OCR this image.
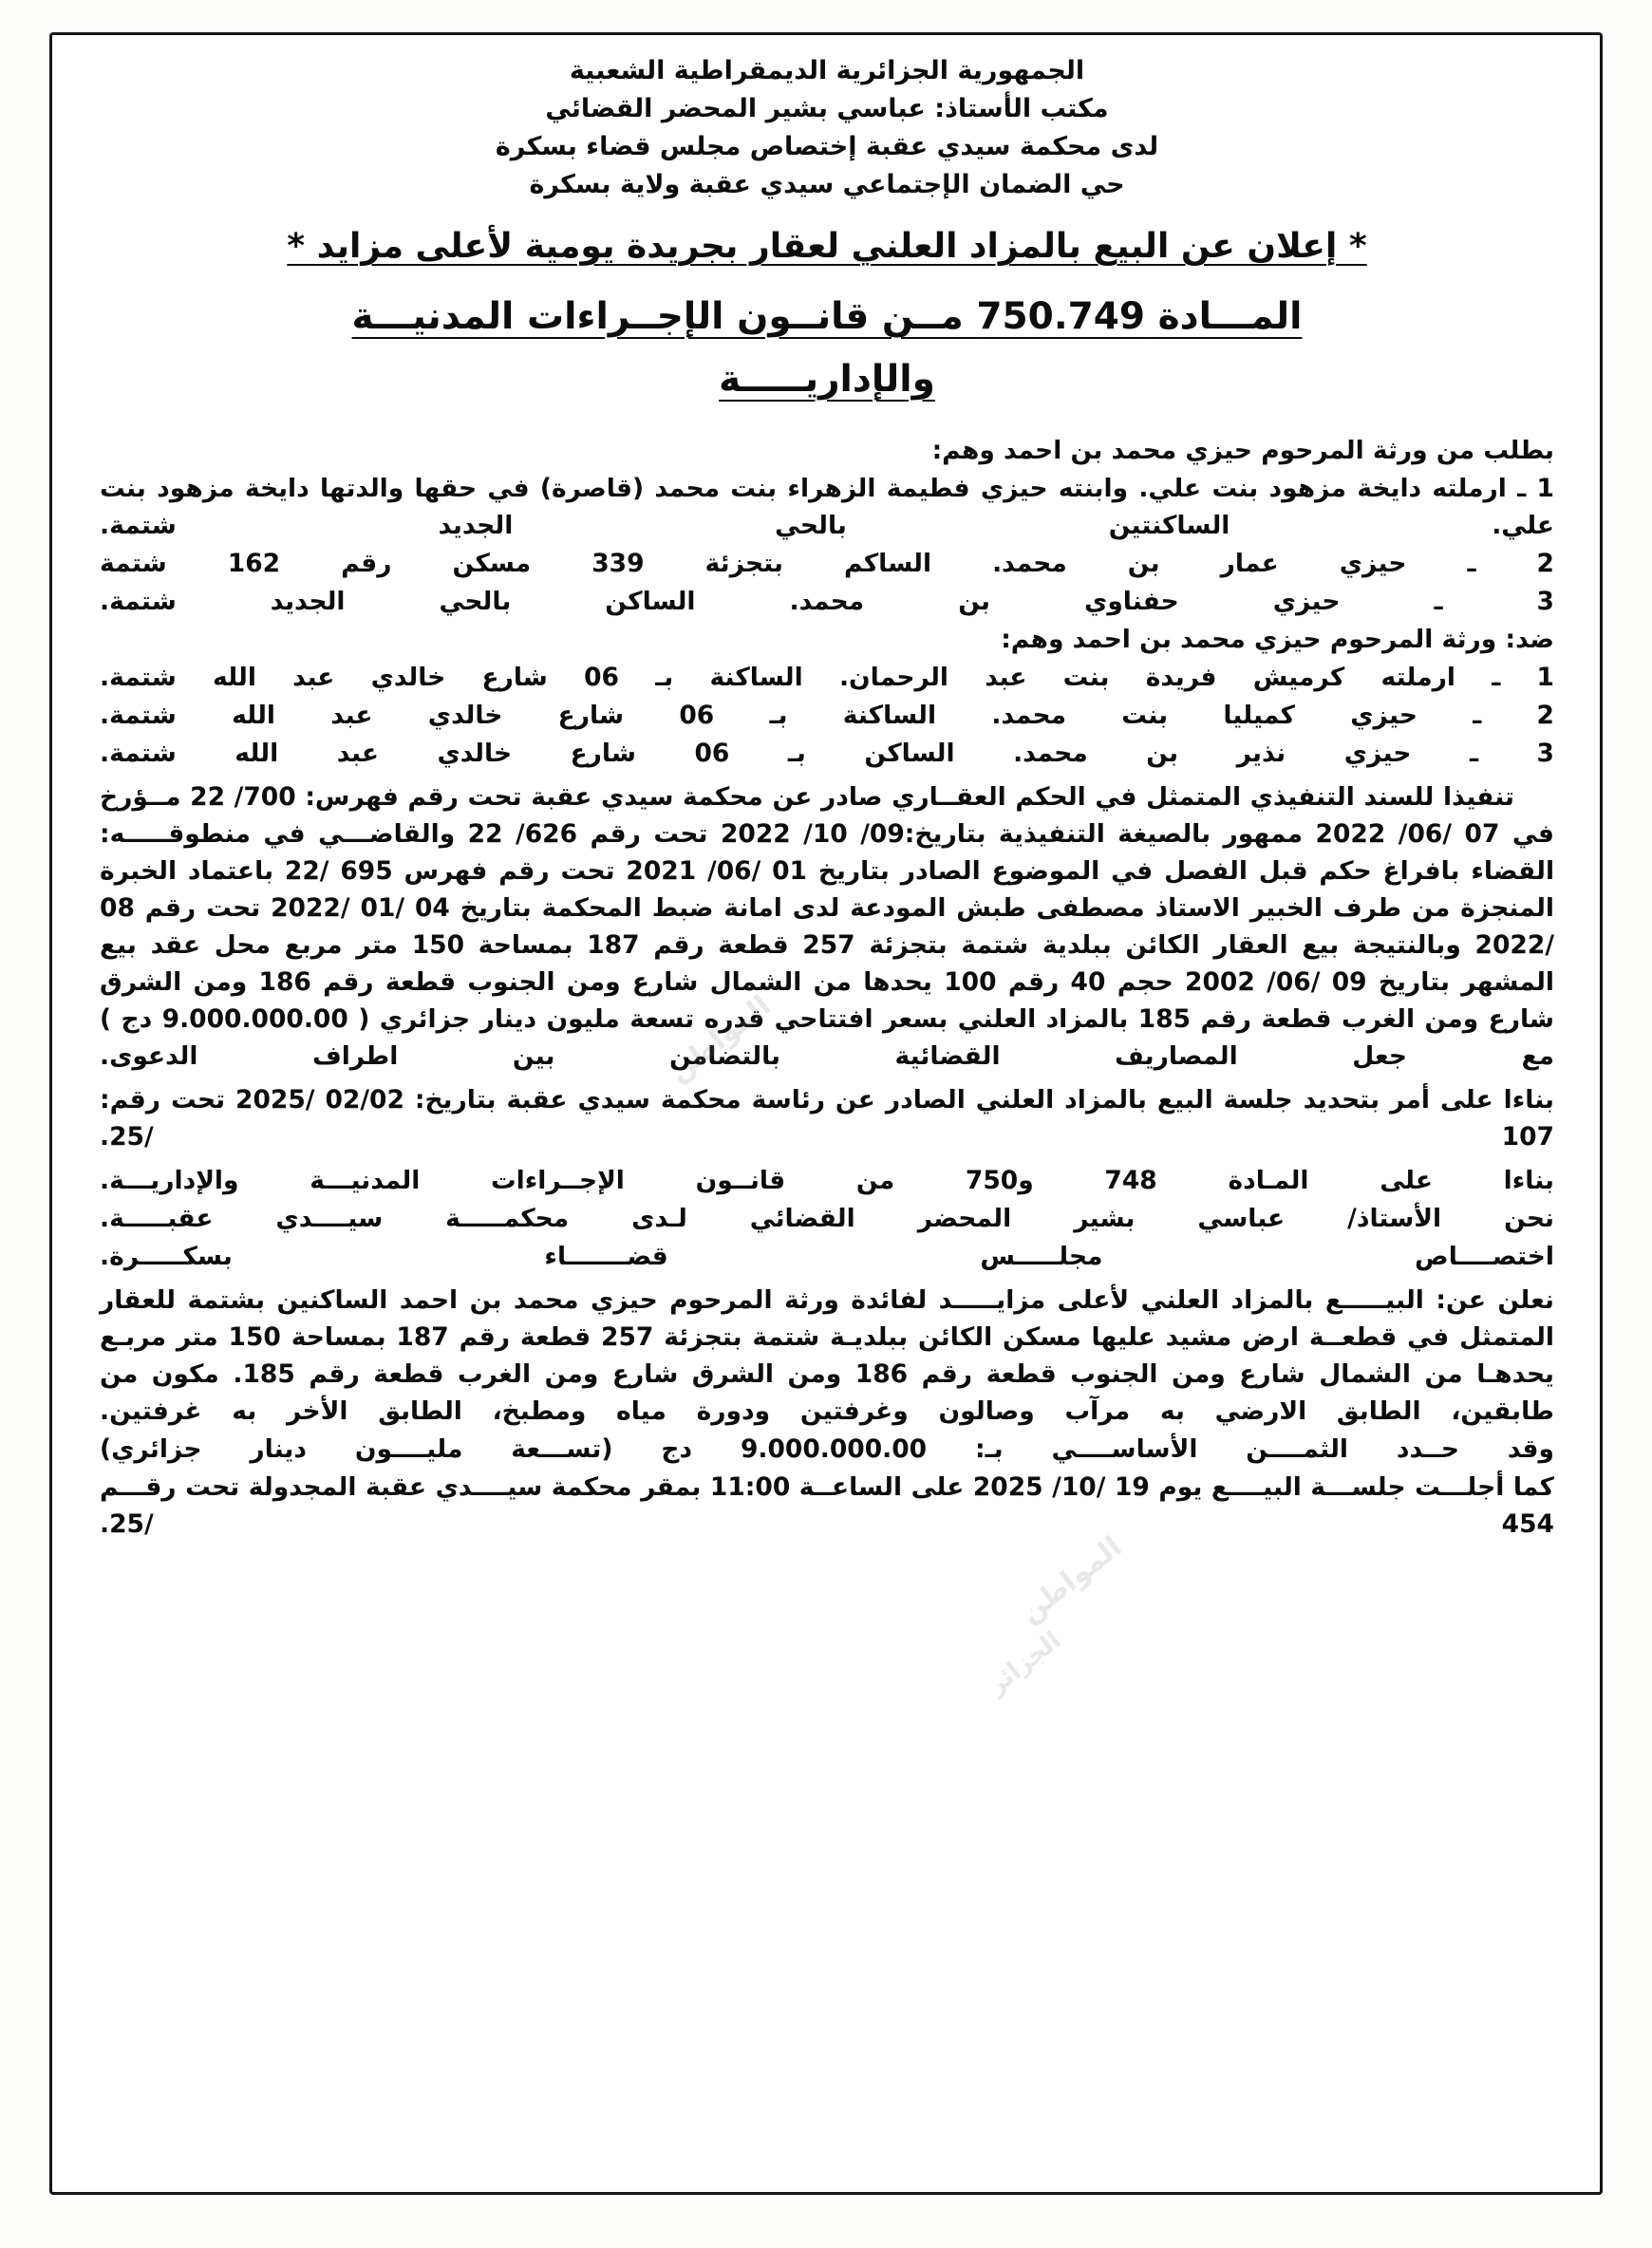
الجمهورية الجزائرية الديمقراطية الشعبية
مكتب الأستاذ: عباسي بشير المحضر القضائي
لدى محكمة سيدي عقبة إختصاص مجلس قضاء بسكرة
حي الضمان الإجتماعي سيدي عقبة ولاية بسكرة
* إعلان عن البيع بالمزاد العلني لعقار بجريدة يومية لأعلى مزايد *
المـــادة 750.749 مــن قانــون الإجــراءات المدنيـــة
والإداريـــــة
بطلب من ورثة المرحوم حيزي محمد بن احمد وهم:
1 ـ ارملته دايخة مزهود بنت علي. وابنته حيزي فطيمة الزهراء بنت محمد (قاصرة) في حقها والدتها دايخة مزهود بنت علي. الساكنتين بالحي الجديد شتمة.
2 ـ حيزي عمار بن محمد. الساكم بتجزئة 339 مسكن رقم 162 شتمة
3 ـ حيزي حفناوي بن محمد. الساكن بالحي الجديد شتمة.
ضد: ورثة المرحوم حيزي محمد بن احمد وهم:
1 ـ ارملته كرميش فريدة بنت عبد الرحمان. الساكنة بـ 06 شارع خالدي عبد الله شتمة.
2 ـ حيزي كميليا بنت محمد. الساكنة بـ 06 شارع خالدي عبد الله شتمة.
3 ـ حيزي نذير بن محمد. الساكن بـ 06 شارع خالدي عبد الله شتمة.
تنفيذا للسند التنفيذي المتمثل في الحكم العقــاري صادر عن محكمة سيدي عقبة تحت رقم فهرس: 700/ 22 مــؤرخ في 07 /06/ 2022 ممهور بالصيغة التنفيذية بتاريخ:09/ 10/ 2022 تحت رقم 626/ 22 والقاضـــي في منطوقـــــه: القضاء بافراغ حكم قبل الفصل في الموضوع الصادر بتاريخ 01 /06/ 2021 تحت رقم فهرس 695 /22 باعتماد الخبرة المنجزة من طرف الخبير الاستاذ مصطفى طبش المودعة لدى امانة ضبط المحكمة بتاريخ 04 /01 /2022 تحت رقم 08 /2022 وبالنتيجة بيع العقار الكائن ببلدية شتمة بتجزئة 257 قطعة رقم 187 بمساحة 150 متر مربع محل عقد بيع المشهر بتاريخ 09 /06/ 2002 حجم 40 رقم 100 يحدها من الشمال شارع ومن الجنوب قطعة رقم 186 ومن الشرق شارع ومن الغرب قطعة رقم 185 بالمزاد العلني بسعر افتتاحي قدره تسعة مليون دينار جزائري ( 9.000.000.00 دج ) مع جعل المصاريف القضائية بالتضامن بين اطراف الدعوى.
بناءا على أمر بتحديد جلسة البيع بالمزاد العلني الصادر عن رئاسة محكمة سيدي عقبة بتاريخ: 02/02 /2025 تحت رقم: 107 /25.
بناءا على المـادة 748 و750 من قانــون الإجــراءات المدنيـــة والإداريـــة.
نحن الأستاذ/ عباسي بشير المحضر القضائي لـدى محكمـــــة سيــــدي عقبـــــة.
اختصــــاص مجلـــــس قضـــــــاء بسكـــــرة.
نعلن عن: البيـــــع بالمزاد العلني لأعلى مزايـــــد لفائدة ورثة المرحوم حيزي محمد بن احمد الساكنين بشتمة للعقار المتمثل في قطعــة ارض مشيد عليها مسكن الكائن ببلديـة شتمة بتجزئة 257 قطعة رقم 187 بمساحة 150 متر مربـع يحدهـا من الشمال شارع ومن الجنوب قطعة رقم 186 ومن الشرق شارع ومن الغرب قطعة رقم 185. مكون من طابقين، الطابق الارضي به مرآب وصالون وغرفتين ودورة مياه ومطبخ، الطابق الأخر به غرفتين.
وقد حــدد الثمــــن الأساســــي بـ: 9.000.000.00 دج (تســـعة مليــــون دينار جزائري)
كما أجلـــت جلســـة البيــــع يوم 19 /10/ 2025 على الساعــة 11:00 بمقر محكمة سيــــدي عقبة المجدولة تحت رقـــم 454 /25.
المواطن
المواطن
الجزائر
